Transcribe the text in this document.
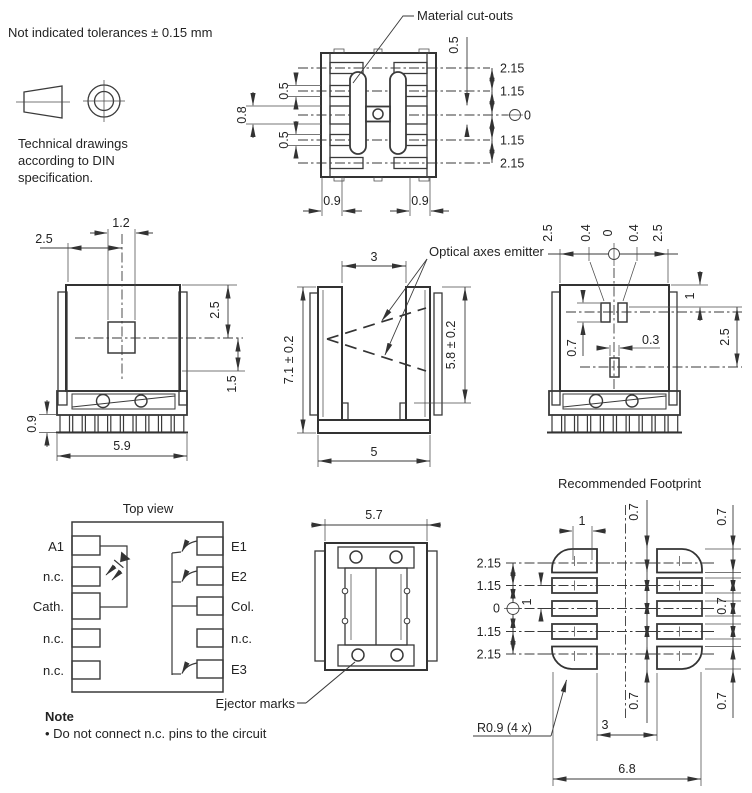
Not indicated tolerances ± 0.15 mm
Technical drawings
according to DIN
specification.
Material cut-outs
2.15
1.15
0
1.15
2.15
0.5
0.5
0.8
0.5
0.9	0.9
1.2
2.5
2.5
1.5
0.9
5.9
Optical axes emitter
3
7.1 ± 0.2	5.8 ± 0.2
5
2.5 0.4 0 0.4 2.5
1
2.5
0.7	0.3
Top view
A1
n.c.
Cath.
n.c.
n.c.
E1
E2
Col.
n.c.
E3
5.7
Ejector marks
Recommended Footprint
0.7
0.7
0.7
0.7
0.7
2.15
1.15
0
1.15
2.15
1
1
3
6.8
R0.9 (4 x)
Note
• Do not connect n.c. pins to the circuit
